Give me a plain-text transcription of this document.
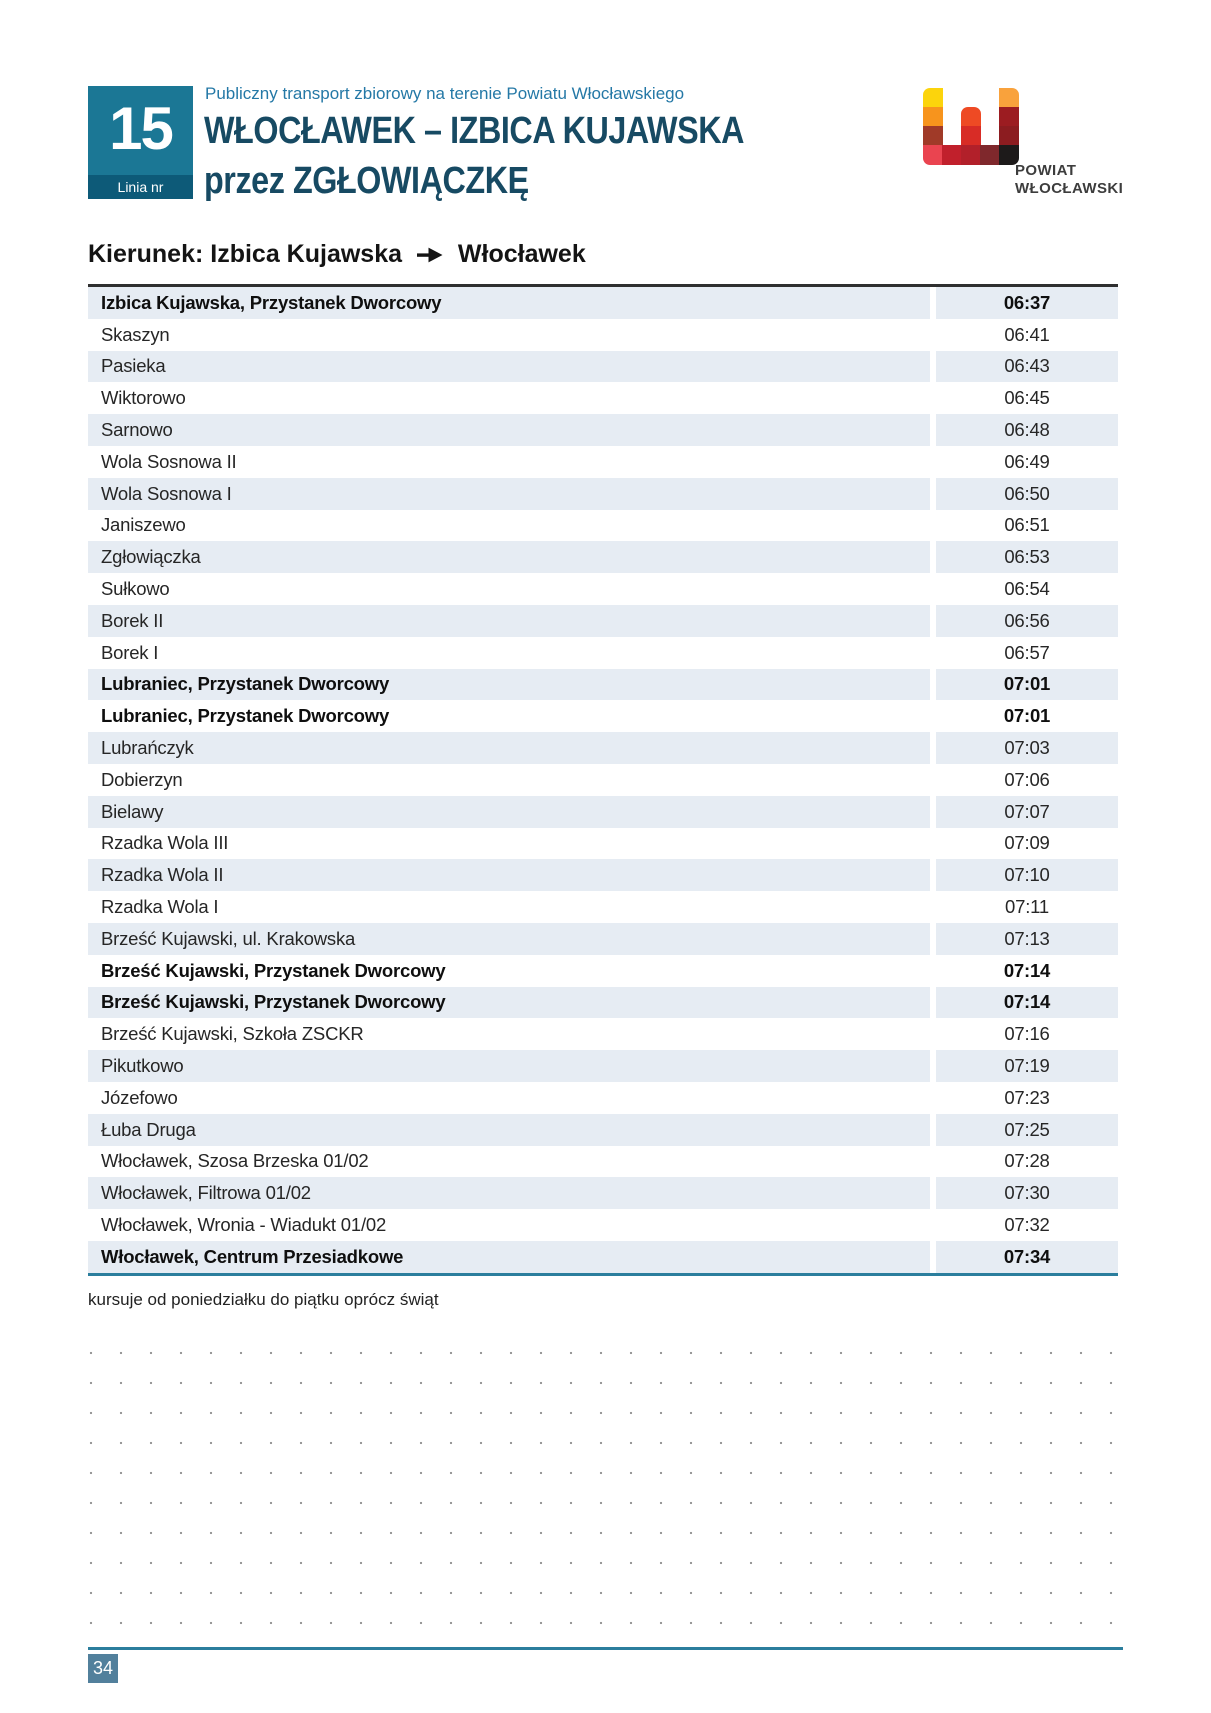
15
Linia nr
Publiczny transport zbiorowy na terenie Powiatu Włocławskiego
WŁOCŁAWEK – IZBICA KUJAWSKA
przez ZGŁOWIĄCZKĘ	POWIAT
WŁOCŁAWSKI
Kierunek: Izbica Kujawska Włocławek
Izbica Kujawska, Przystanek Dworcowy	06:37
Skaszyn	06:41
Pasieka	06:43
Wiktorowo	06:45
Sarnowo	06:48
Wola Sosnowa II	06:49
Wola Sosnowa I	06:50
Janiszewo	06:51
Zgłowiączka	06:53
Sułkowo	06:54
Borek II	06:56
Borek I	06:57
Lubraniec, Przystanek Dworcowy	07:01
Lubraniec, Przystanek Dworcowy	07:01
Lubrańczyk	07:03
Dobierzyn	07:06
Bielawy	07:07
Rzadka Wola III	07:09
Rzadka Wola II	07:10
Rzadka Wola I	07:11
Brześć Kujawski, ul. Krakowska	07:13
Brześć Kujawski, Przystanek Dworcowy	07:14
Brześć Kujawski, Przystanek Dworcowy	07:14
Brześć Kujawski, Szkoła ZSCKR	07:16
Pikutkowo	07:19
Józefowo	07:23
Łuba Druga	07:25
Włocławek, Szosa Brzeska 01/02	07:28
Włocławek, Filtrowa 01/02	07:30
Włocławek, Wronia - Wiadukt 01/02	07:32
Włocławek, Centrum Przesiadkowe	07:34
kursuje od poniedziałku do piątku oprócz świąt
34
